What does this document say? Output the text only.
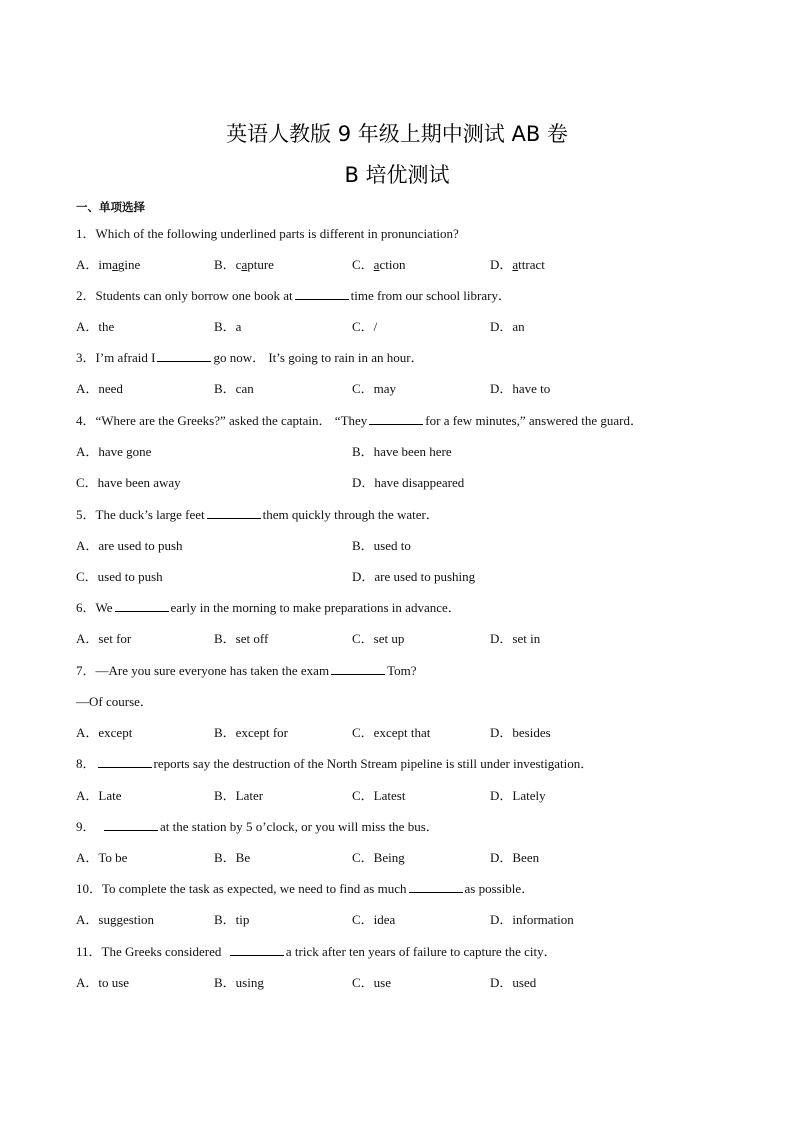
英语人教版 9 年级上期中测试 AB 卷
B 培优测试
一、单项选择
1．Which of the following underlined parts is different in pronunciation?
A．imagine	B．capture	C．action	D．attract
2．Students can only borrow one book at	time from our school library．
A．the	B．a	C．/	D．an
3．I’m afraid I	go now． It’s going to rain in an hour．
A．need	B．can	C．may	D．have to
4．“Where are the Greeks?” asked the captain． “They	for a few minutes,” answered the guard．
A．have gone	B．have been here
C．have been away	D．have disappeared
5．The duck’s large feet	them quickly through the water．
A．are used to push	B．used to
C．used to push	D．are used to pushing
6．We	early in the morning to make preparations in advance．
A．set for	B．set off	C．set up	D．set in
7．—Are you sure everyone has taken the exam	Tom?
—Of course．
A．except	B．except for	C．except that	D．besides
8．	reports say the destruction of the North Stream pipeline is still under investigation．
A．Late	B．Later	C．Latest	D．Lately
9．	at the station by 5 o’clock, or you will miss the bus．
A．To be	B．Be	C．Being	D．Been
10．To complete the task as expected, we need to find as much	as possible．
A．suggestion	B．tip	C．idea	D．information
11．The Greeks considered	a trick after ten years of failure to capture the city．
A．to use	B．using	C．use	D．used
